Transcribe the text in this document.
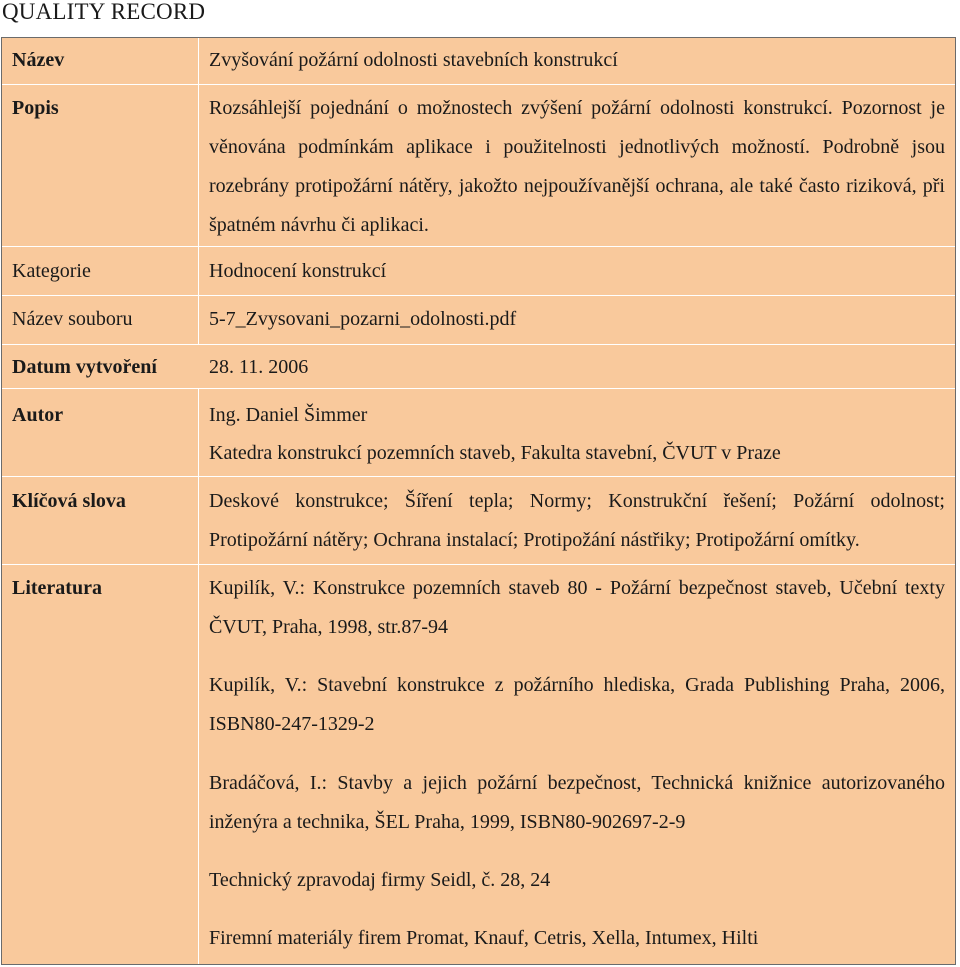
QUALITY RECORD
Název	Zvyšování požární odolnosti stavebních konstrukcí
Popis	Rozsáhlejší pojednání o možnostech zvýšení požární odolnosti konstrukcí. Pozornost je věnována podmínkám aplikace i použitelnosti jednotlivých možností. Podrobně jsou rozebrány protipožární nátěry, jakožto nejpoužívanější ochrana, ale také často riziková, při špatném návrhu či aplikaci.
Kategorie	Hodnocení konstrukcí
Název souboru	5-7_Zvysovani_pozarni_odolnosti.pdf
Datum vytvoření	28. 11. 2006
Autor	Ing. Daniel Šimmer
Katedra konstrukcí pozemních staveb, Fakulta stavební, ČVUT v Praze
Klíčová slova	Deskové konstrukce; Šíření tepla; Normy; Konstrukční řešení; Požární odolnost; Protipožární nátěry; Ochrana instalací; Protipožání nástřiky; Protipožární omítky.
Literatura	Kupilík, V.: Konstrukce pozemních staveb 80 - Požární bezpečnost staveb, Učební texty ČVUT, Praha, 1998, str.87-94
Kupilík, V.: Stavební konstrukce z požárního hlediska, Grada Publishing Praha, 2006, ISBN80-247-1329-2
Bradáčová, I.: Stavby a jejich požární bezpečnost, Technická knižnice autorizovaného inženýra a technika, ŠEL Praha, 1999, ISBN80-902697-2-9
Technický zpravodaj firmy Seidl, č. 28, 24
Firemní materiály firem Promat, Knauf, Cetris, Xella, Intumex, Hilti
